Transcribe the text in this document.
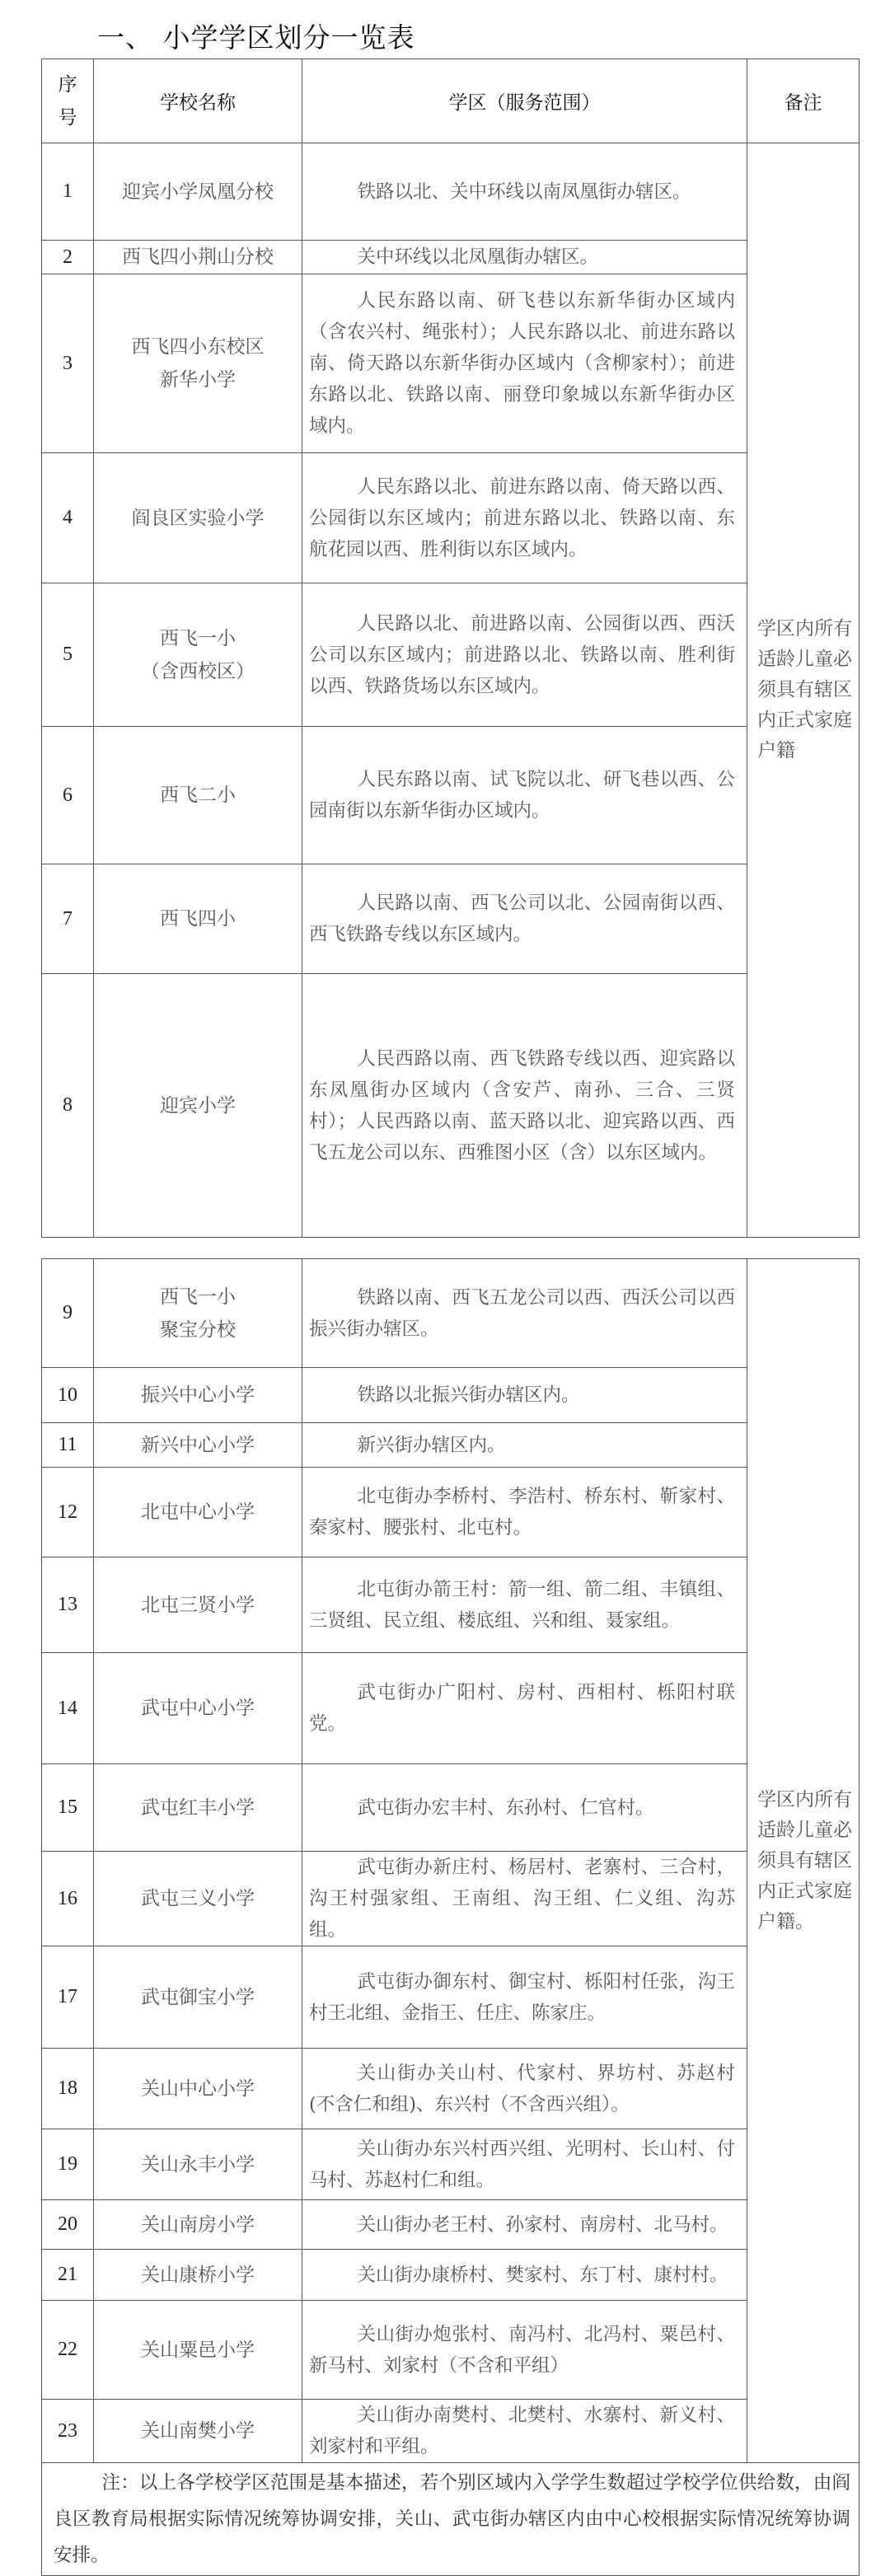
一、 小学学区划分一览表
序号	学校名称	学区（服务范围）	备注
1	迎宾小学凤凰分校	铁路以北、关中环线以南凤凰街办辖区。	学区内所有适龄儿童必须具有辖区内正式家庭户籍
2	西飞四小荆山分校	关中环线以北凤凰街办辖区。	

3	西飞四小东校区
新华小学	人民东路以南、研飞巷以东新华街办区域内（含农兴村、绳张村）；人民东路以北、前进东路以南、倚天路以东新华街办区域内（含柳家村）；前进东路以北、铁路以南、丽登印象城以东新华街办区域内。	

4	阎良区实验小学	人民东路以北、前进东路以南、倚天路以西、公园街以东区域内；前进东路以北、铁路以南、东航花园以西、胜利街以东区域内。	

5	西飞一小
（含西校区）	人民路以北、前进路以南、公园街以西、西沃公司以东区域内；前进路以北、铁路以南、胜利街以西、铁路货场以东区域内。	

6	西飞二小	人民东路以南、试飞院以北、研飞巷以西、公园南街以东新华街办区域内。	

7	西飞四小	人民路以南、西飞公司以北、公园南街以西、西飞铁路专线以东区域内。	

8	迎宾小学	人民西路以南、西飞铁路专线以西、迎宾路以东凤凰街办区域内（含安芦、南孙、三合、三贤村）；人民西路以南、蓝天路以北、迎宾路以西、西飞五龙公司以东、西雅图小区（含）以东区域内。	
9	西飞一小
聚宝分校	铁路以南、西飞五龙公司以西、西沃公司以西振兴街办辖区。	学区内所有适龄儿童必须具有辖区内正式家庭户籍。
10	振兴中心小学	铁路以北振兴街办辖区内。	

11	新兴中心小学	新兴街办辖区内。	

12	北屯中心小学	北屯街办李桥村、李浩村、桥东村、靳家村、秦家村、腰张村、北屯村。	

13	北屯三贤小学	北屯街办箭王村：箭一组、箭二组、丰镇组、三贤组、民立组、楼底组、兴和组、聂家组。	

14	武屯中心小学	武屯街办广阳村、房村、西相村、栎阳村联党。	

15	武屯红丰小学	武屯街办宏丰村、东孙村、仁官村。	

16	武屯三义小学	武屯街办新庄村、杨居村、老寨村、三合村，沟王村强家组、王南组、沟王组、仁义组、沟苏组。	

17	武屯御宝小学	武屯街办御东村、御宝村、栎阳村任张，沟王村王北组、金指王、任庄、陈家庄。	

18	关山中心小学	关山街办关山村、代家村、界坊村、苏赵村(不含仁和组)、东兴村（不含西兴组）。	

19	关山永丰小学	关山街办东兴村西兴组、光明村、长山村、付马村、苏赵村仁和组。	

20	关山南房小学	关山街办老王村、孙家村、南房村、北马村。	

21	关山康桥小学	关山街办康桥村、樊家村、东丁村、康村村。	

22	关山粟邑小学	关山街办炮张村、南冯村、北冯村、粟邑村、新马村、刘家村（不含和平组）	

23	关山南樊小学	关山街办南樊村、北樊村、水寨村、新义村、刘家村和平组。	

注：以上各学校学区范围是基本描述，若个别区域内入学学生数超过学校学位供给数，由阎良区教育局根据实际情况统筹协调安排，关山、武屯街办辖区内由中心校根据实际情况统筹协调安排。			
